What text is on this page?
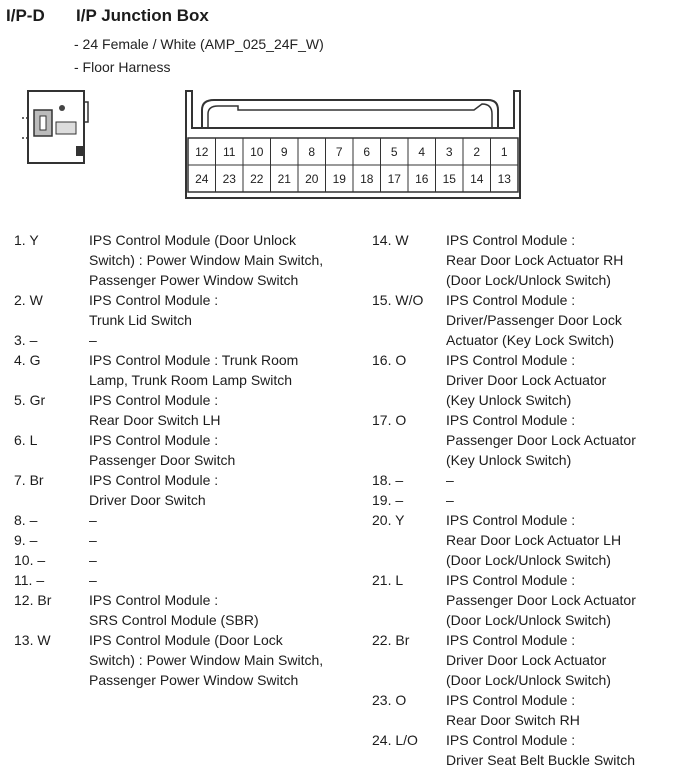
I/P-D I/P Junction Box
- 24 Female / White (AMP_025_24F_W)
- Floor Harness
12 11 10 9 8 7 6 5 4 3 2 1
24 23 22 21 20 19 18 17 16 15 14 13
1. Y	IPS Control Module (Door Unlock
Switch) : Power Window Main Switch,
Passenger Power Window Switch
2. W	IPS Control Module :
Trunk Lid Switch
3. –	–
4. G	IPS Control Module : Trunk Room
Lamp, Trunk Room Lamp Switch
5. Gr	IPS Control Module :
Rear Door Switch LH
6. L	IPS Control Module :
Passenger Door Switch
7. Br	IPS Control Module :
Driver Door Switch
8. –	–
9. –	–
10. –	–
11. –	–
12. Br	IPS Control Module :
SRS Control Module (SBR)
13. W	IPS Control Module (Door Lock
Switch) : Power Window Main Switch,
Passenger Power Window Switch
14. W	IPS Control Module :
Rear Door Lock Actuator RH
(Door Lock/Unlock Switch)
15. W/O IPS Control Module :
Driver/Passenger Door Lock
Actuator (Key Lock Switch)
16. O	IPS Control Module :
Driver Door Lock Actuator
(Key Unlock Switch)
17. O	IPS Control Module :
Passenger Door Lock Actuator
(Key Unlock Switch)
18. –	–
19. –	–
20. Y	IPS Control Module :
Rear Door Lock Actuator LH
(Door Lock/Unlock Switch)
21. L	IPS Control Module :
Passenger Door Lock Actuator
(Door Lock/Unlock Switch)
22. Br	IPS Control Module :
Driver Door Lock Actuator
(Door Lock/Unlock Switch)
23. O	IPS Control Module :
Rear Door Switch RH
24. L/O IPS Control Module :
Driver Seat Belt Buckle Switch
